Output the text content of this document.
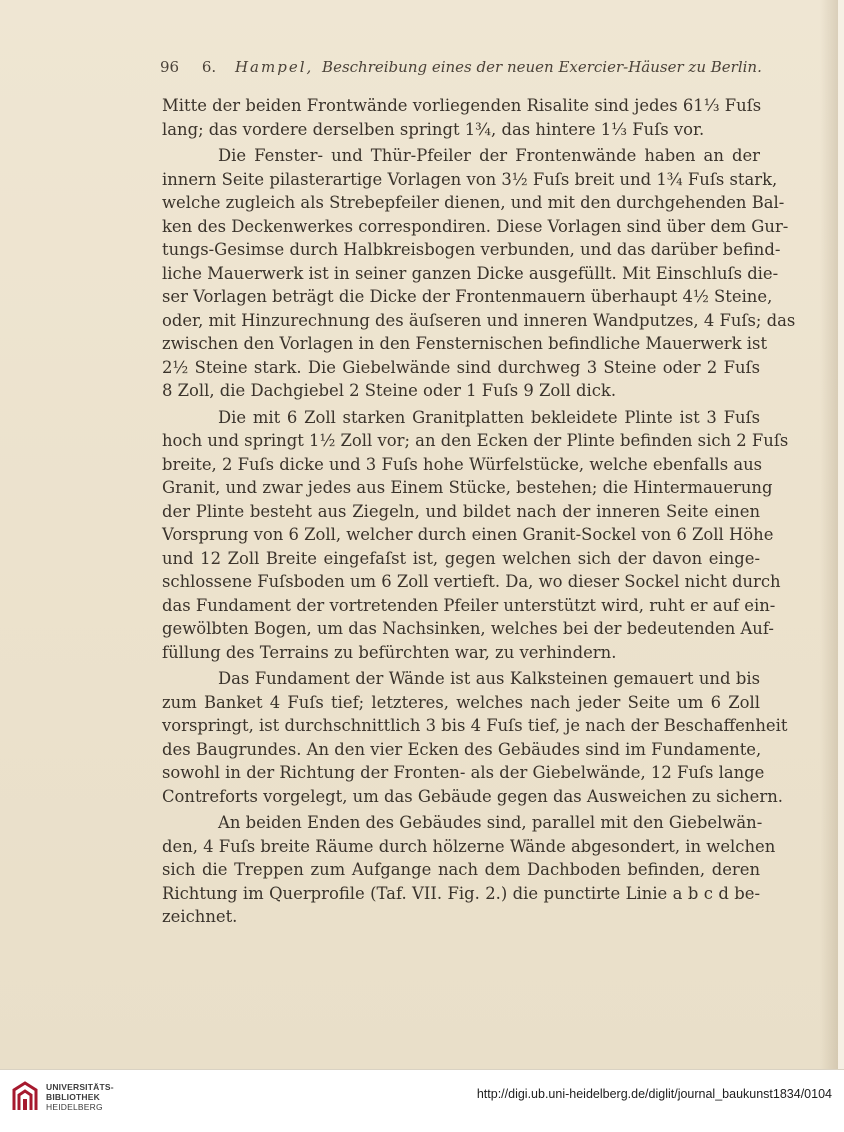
96 6. Hampel, Beschreibung eines der neuen Exercier-Häuser zu Berlin.
Mitte der beiden Frontwände vorliegenden Risalite sind jedes 61⅓ Fuſs
lang; das vordere derselben springt 1¾, das hintere 1⅓ Fuſs vor.
Die Fenster- und Thür-Pfeiler der Frontenwände haben an der
innern Seite pilasterartige Vorlagen von 3½ Fuſs breit und 1¾ Fuſs stark,
welche zugleich als Strebepfeiler dienen, und mit den durchgehenden Bal-
ken des Deckenwerkes correspondiren. Diese Vorlagen sind über dem Gur-
tungs-Gesimse durch Halbkreisbogen verbunden, und das darüber befind-
liche Mauerwerk ist in seiner ganzen Dicke ausgefüllt. Mit Einschluſs die-
ser Vorlagen beträgt die Dicke der Frontenmauern überhaupt 4½ Steine,
oder, mit Hinzurechnung des äuſseren und inneren Wandputzes, 4 Fuſs; das
zwischen den Vorlagen in den Fensternischen befindliche Mauerwerk ist
2½ Steine stark. Die Giebelwände sind durchweg 3 Steine oder 2 Fuſs
8 Zoll, die Dachgiebel 2 Steine oder 1 Fuſs 9 Zoll dick.
Die mit 6 Zoll starken Granitplatten bekleidete Plinte ist 3 Fuſs
hoch und springt 1½ Zoll vor; an den Ecken der Plinte befinden sich 2 Fuſs
breite, 2 Fuſs dicke und 3 Fuſs hohe Würfelstücke, welche ebenfalls aus
Granit, und zwar jedes aus Einem Stücke, bestehen; die Hintermauerung
der Plinte besteht aus Ziegeln, und bildet nach der inneren Seite einen
Vorsprung von 6 Zoll, welcher durch einen Granit-Sockel von 6 Zoll Höhe
und 12 Zoll Breite eingefaſst ist, gegen welchen sich der davon einge-
schlossene Fuſsboden um 6 Zoll vertieft. Da, wo dieser Sockel nicht durch
das Fundament der vortretenden Pfeiler unterstützt wird, ruht er auf ein-
gewölbten Bogen, um das Nachsinken, welches bei der bedeutenden Auf-
füllung des Terrains zu befürchten war, zu verhindern.
Das Fundament der Wände ist aus Kalksteinen gemauert und bis
zum Banket 4 Fuſs tief; letzteres, welches nach jeder Seite um 6 Zoll
vorspringt, ist durchschnittlich 3 bis 4 Fuſs tief, je nach der Beschaffenheit
des Baugrundes. An den vier Ecken des Gebäudes sind im Fundamente,
sowohl in der Richtung der Fronten- als der Giebelwände, 12 Fuſs lange
Contreforts vorgelegt, um das Gebäude gegen das Ausweichen zu sichern.
An beiden Enden des Gebäudes sind, parallel mit den Giebelwän-
den, 4 Fuſs breite Räume durch hölzerne Wände abgesondert, in welchen
sich die Treppen zum Aufgange nach dem Dachboden befinden, deren
Richtung im Querprofile (Taf. VII. Fig. 2.) die punctirte Linie a b c d be-
zeichnet.
UNIVERSITÄTS-
BIBLIOTHEK
HEIDELBERG
http://digi.ub.uni-heidelberg.de/diglit/journal_baukunst1834/0104
